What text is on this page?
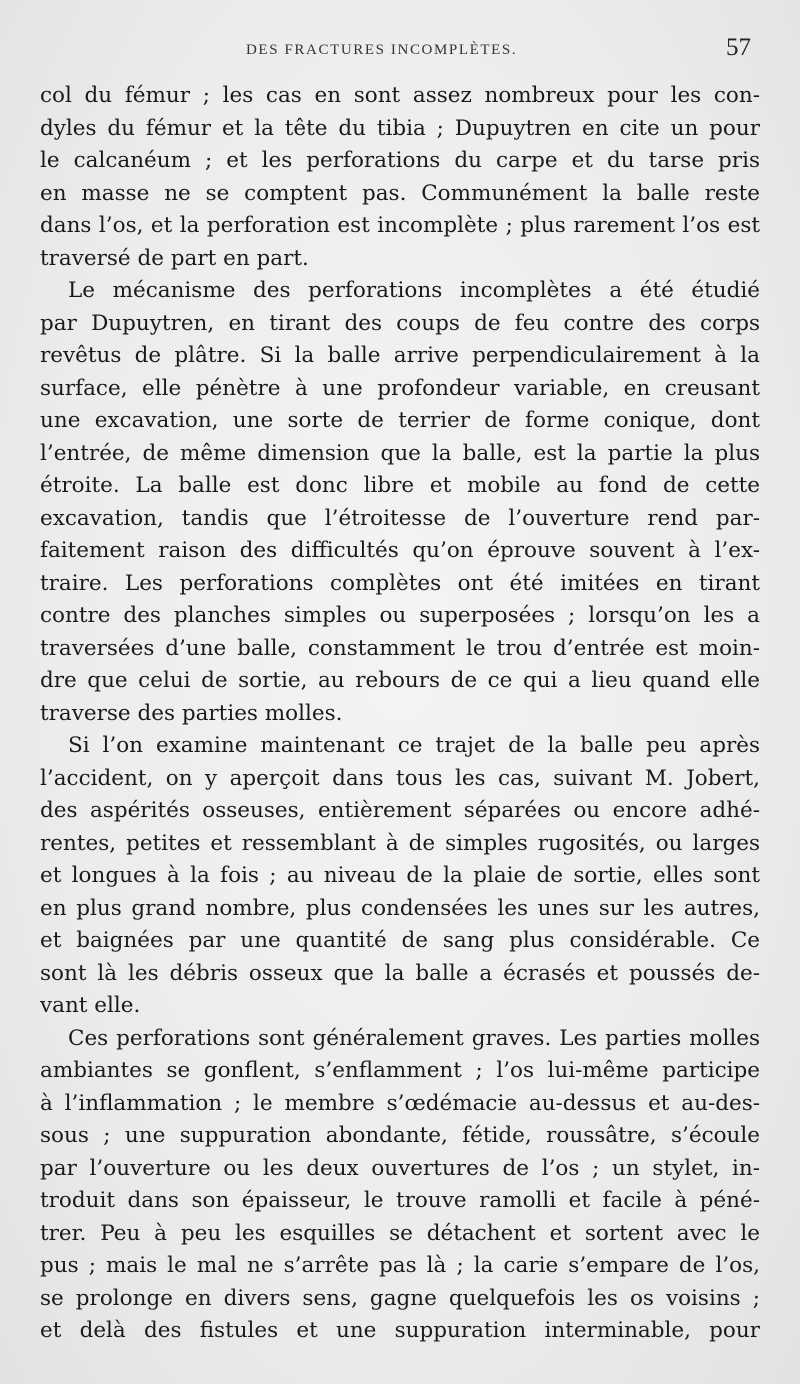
DES FRACTURES INCOMPLÈTES.	57
col du fémur ; les cas en sont assez nombreux pour les con-
dyles du fémur et la tête du tibia ; Dupuytren en cite un pour
le calcanéum ; et les perforations du carpe et du tarse pris
en masse ne se comptent pas. Communément la balle reste
dans l’os, et la perforation est incomplète ; plus rarement l’os est
traversé de part en part.
Le mécanisme des perforations incomplètes a été étudié
par Dupuytren, en tirant des coups de feu contre des corps
revêtus de plâtre. Si la balle arrive perpendiculairement à la
surface, elle pénètre à une profondeur variable, en creusant
une excavation, une sorte de terrier de forme conique, dont
l’entrée, de même dimension que la balle, est la partie la plus
étroite. La balle est donc libre et mobile au fond de cette
excavation, tandis que l’étroitesse de l’ouverture rend par-
faitement raison des difficultés qu’on éprouve souvent à l’ex-
traire. Les perforations complètes ont été imitées en tirant
contre des planches simples ou superposées ; lorsqu’on les a
traversées d’une balle, constamment le trou d’entrée est moin-
dre que celui de sortie, au rebours de ce qui a lieu quand elle
traverse des parties molles.
Si l’on examine maintenant ce trajet de la balle peu après
l’accident, on y aperçoit dans tous les cas, suivant M. Jobert,
des aspérités osseuses, entièrement séparées ou encore adhé-
rentes, petites et ressemblant à de simples rugosités, ou larges
et longues à la fois ; au niveau de la plaie de sortie, elles sont
en plus grand nombre, plus condensées les unes sur les autres,
et baignées par une quantité de sang plus considérable. Ce
sont là les débris osseux que la balle a écrasés et poussés de-
vant elle.
Ces perforations sont généralement graves. Les parties molles
ambiantes se gonflent, s’enflamment ; l’os lui-même participe
à l’inflammation ; le membre s’œdémacie au-dessus et au-des-
sous ; une suppuration abondante, fétide, roussâtre, s’écoule
par l’ouverture ou les deux ouvertures de l’os ; un stylet, in-
troduit dans son épaisseur, le trouve ramolli et facile à péné-
trer. Peu à peu les esquilles se détachent et sortent avec le
pus ; mais le mal ne s’arrête pas là ; la carie s’empare de l’os,
se prolonge en divers sens, gagne quelquefois les os voisins ;
et delà des fistules et une suppuration interminable, pour
